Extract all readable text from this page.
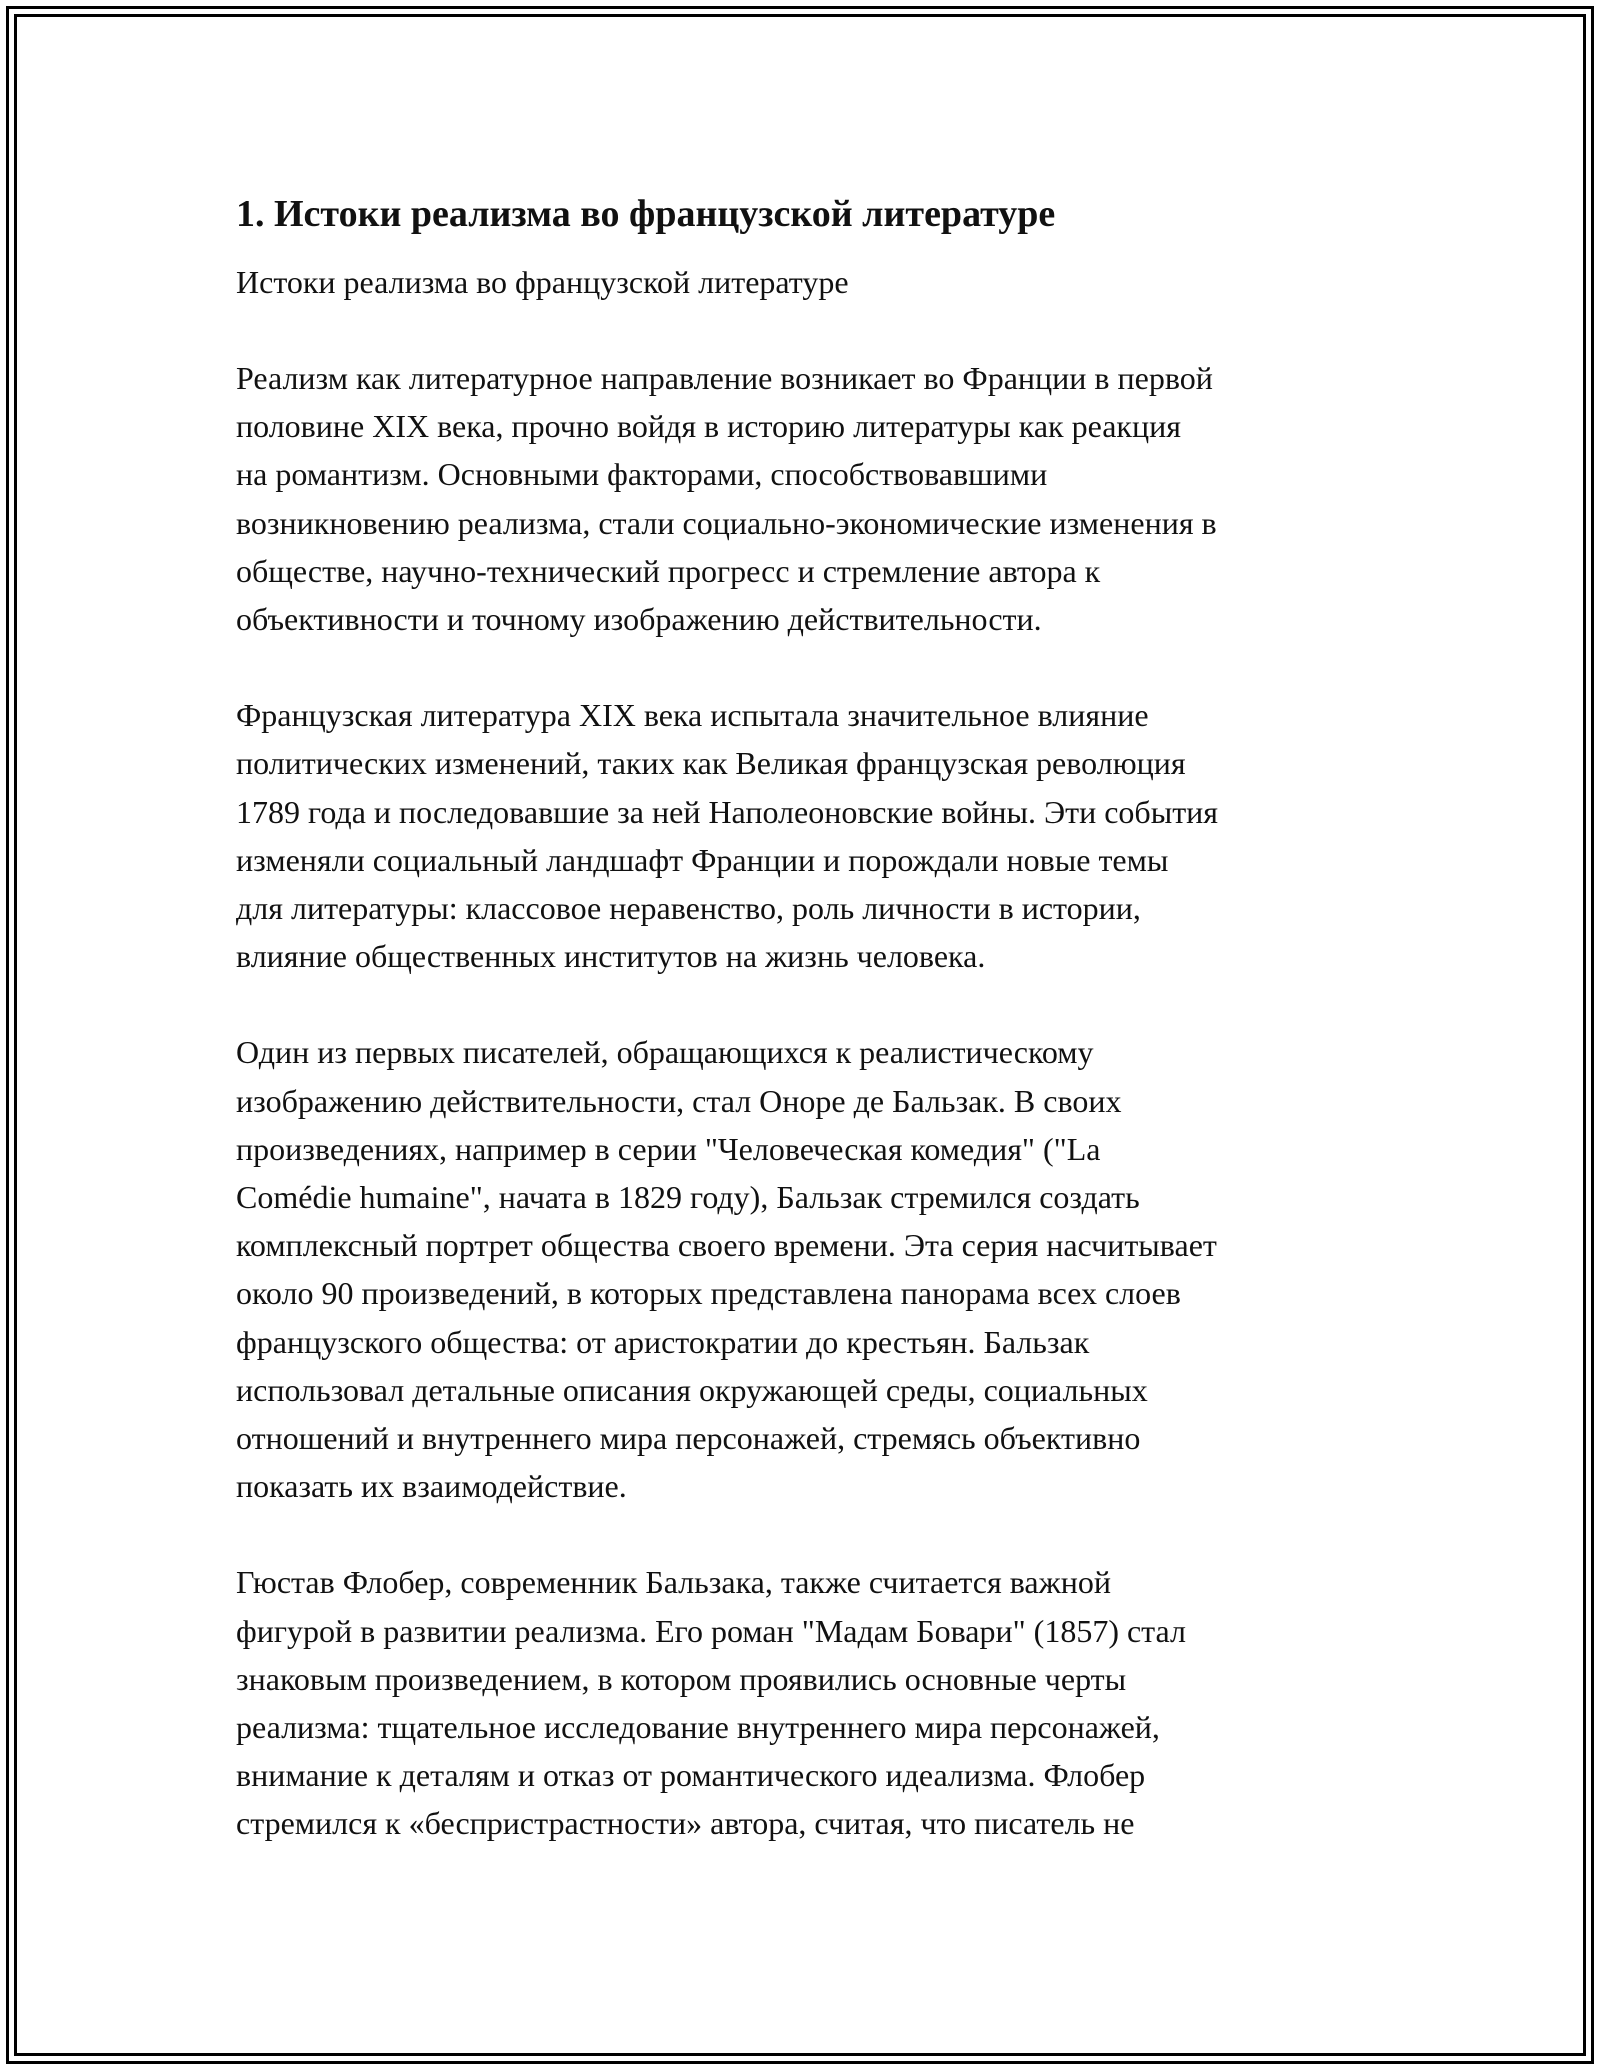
1. Истоки реализма во французской литературе

Истоки реализма во французской литературе

Реализм как литературное направление возникает во Франции в первой
половине XIX века, прочно войдя в историю литературы как реакция
на романтизм. Основными факторами, способствовавшими
возникновению реализма, стали социально-экономические изменения в
обществе, научно-технический прогресс и стремление автора к
объективности и точному изображению действительности.

Французская литература XIX века испытала значительное влияние
политических изменений, таких как Великая французская революция
1789 года и последовавшие за ней Наполеоновские войны. Эти события
изменяли социальный ландшафт Франции и порождали новые темы
для литературы: классовое неравенство, роль личности в истории,
влияние общественных институтов на жизнь человека.

Один из первых писателей, обращающихся к реалистическому
изображению действительности, стал Оноре де Бальзак. В своих
произведениях, например в серии "Человеческая комедия" ("La
Comédie humaine", начата в 1829 году), Бальзак стремился создать
комплексный портрет общества своего времени. Эта серия насчитывает
около 90 произведений, в которых представлена панорама всех слоев
французского общества: от аристократии до крестьян. Бальзак
использовал детальные описания окружающей среды, социальных
отношений и внутреннего мира персонажей, стремясь объективно
показать их взаимодействие.

Гюстав Флобер, современник Бальзака, также считается важной
фигурой в развитии реализма. Его роман "Мадам Бовари" (1857) стал
знаковым произведением, в котором проявились основные черты
реализма: тщательное исследование внутреннего мира персонажей,
внимание к деталям и отказ от романтического идеализма. Флобер
стремился к «беспристрастности» автора, считая, что писатель не
